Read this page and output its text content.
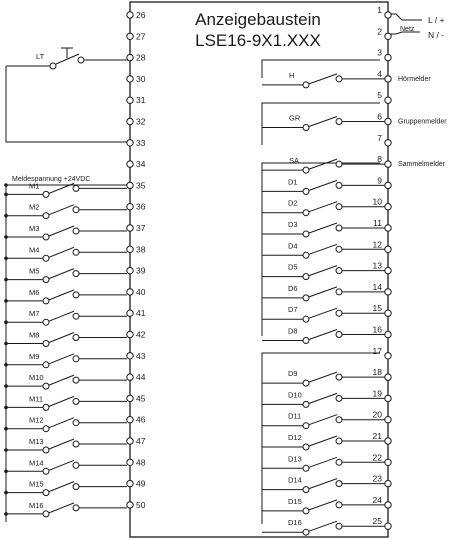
Anzeigebaustein
LSE16-9X1.XXX
L / +
N / -
Netz
LT
Meldespannung +24VDC
26
27
28
30
31
32
33
34
35
36
37
38
39
40
41
42
43
44
45
46
47
48
49
50
1
2
3
4
5
6
7
8
9
10
11
12
13
14
15
16
17
18
19
20
21
22
23
24
25
M1
M2
M3
M4
M5
M6
M7
M8
M9
M10
M11
M12
M13
M14
M15
M16
H	Hörmelder
GR	Gruppenmelder
SA	Sammelmelder
D1
D2
D3
D4
D5
D6
D7
D8
D9
D10
D11
D12
D13
D14
D15
D16
